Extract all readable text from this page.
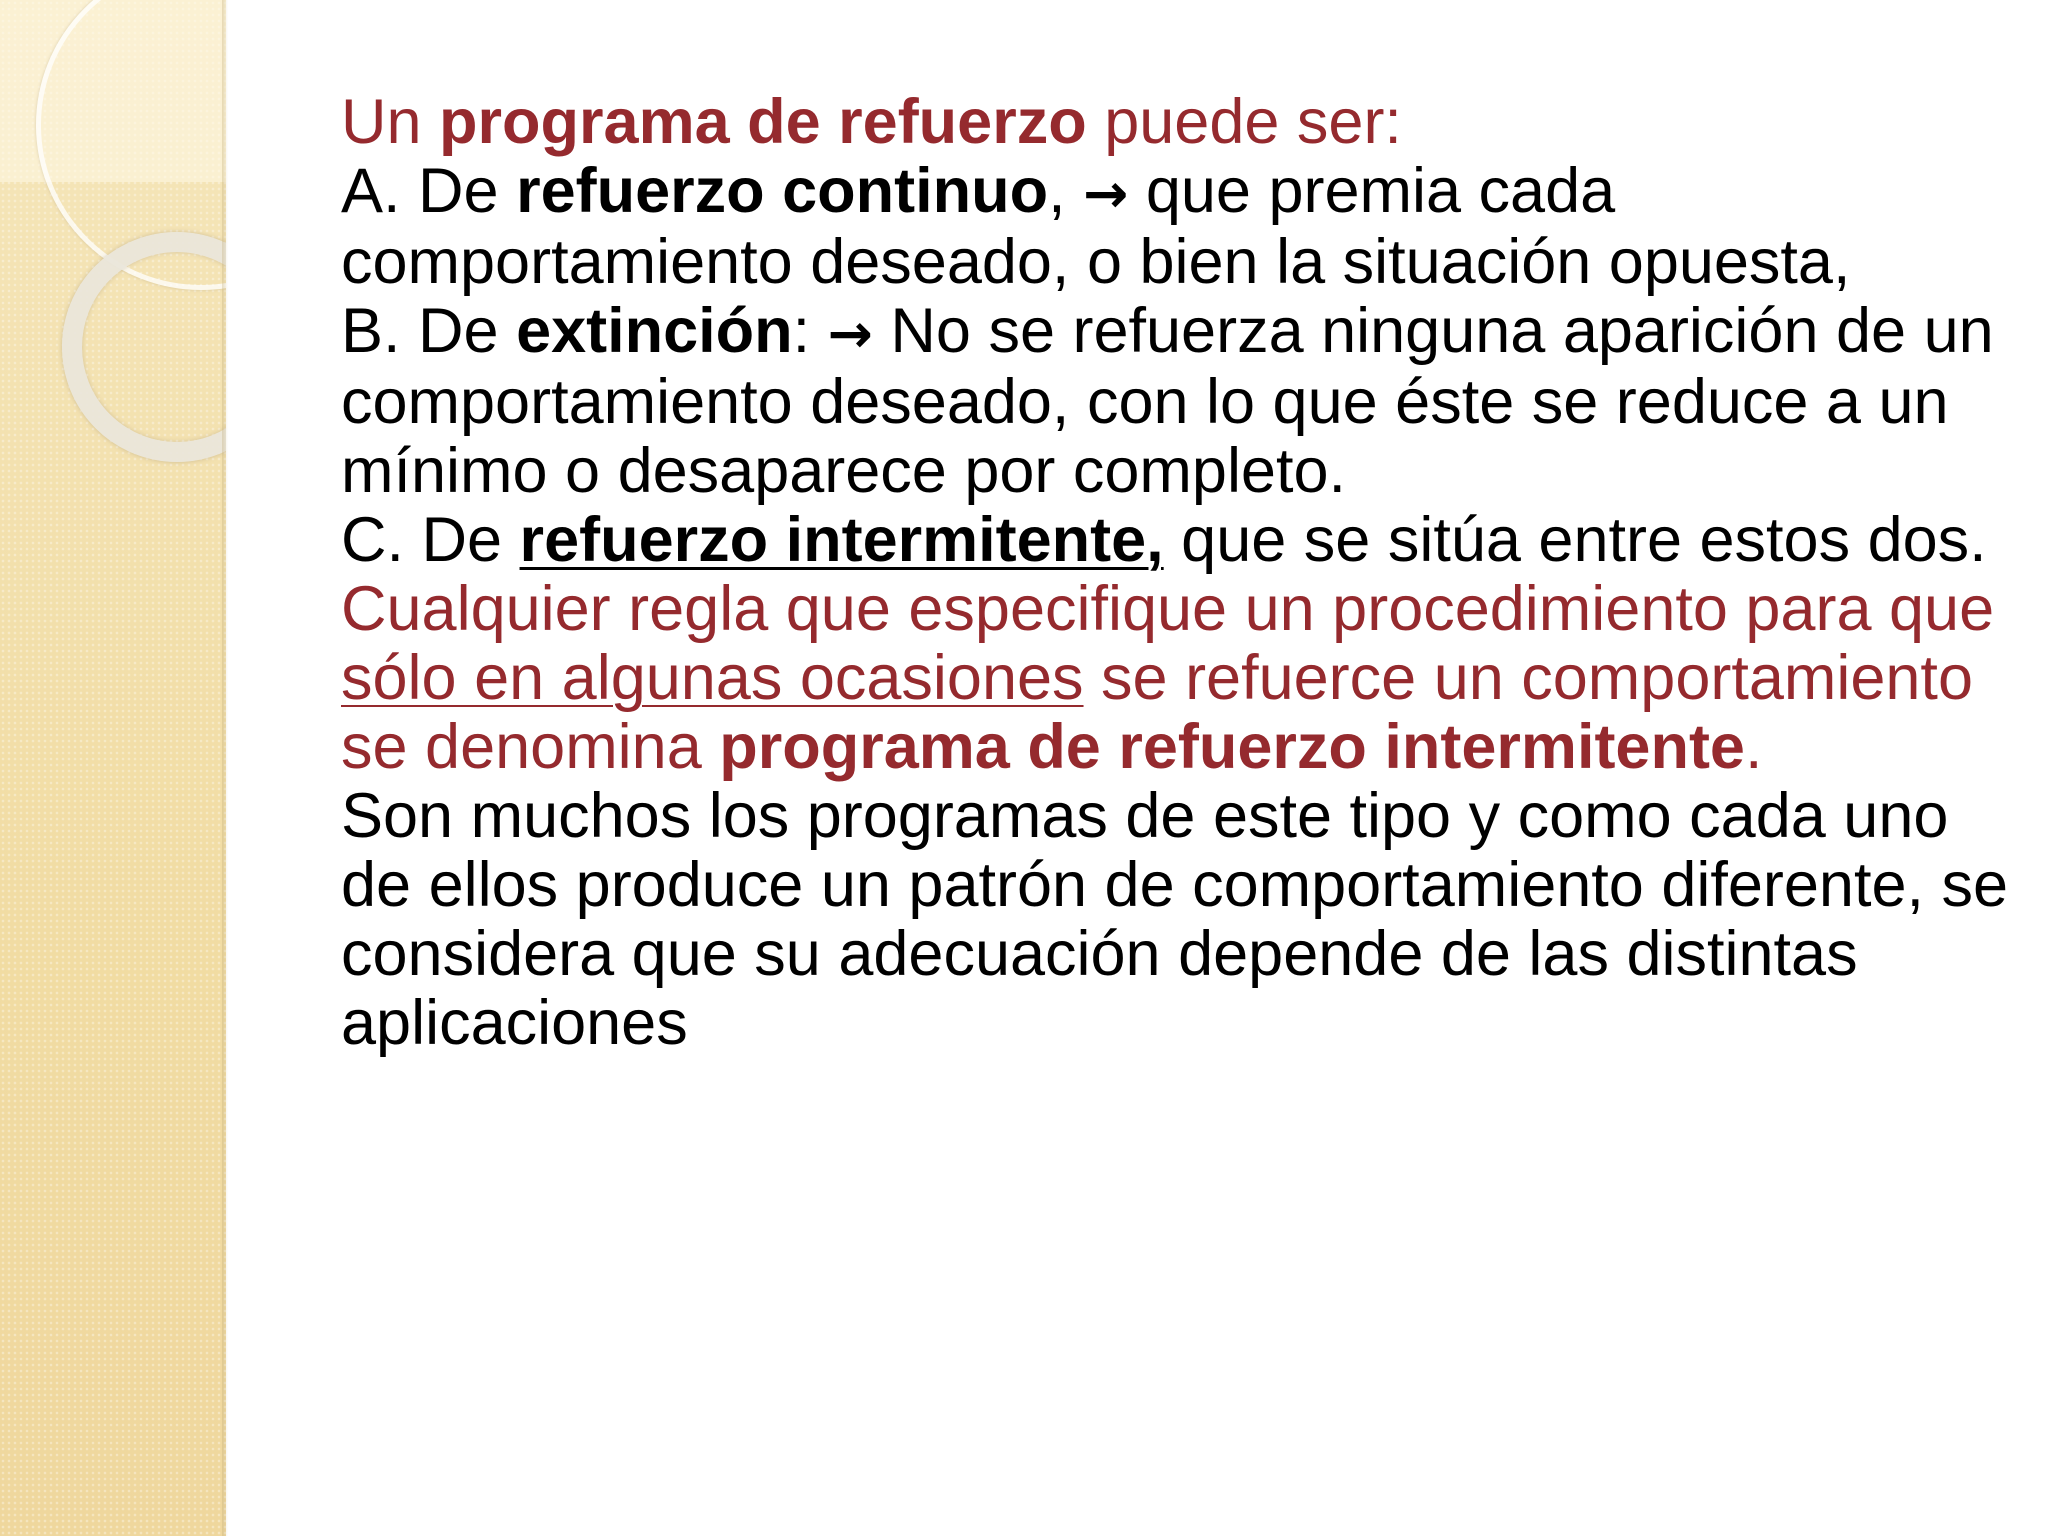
Un programa de refuerzo puede ser:

A. De refuerzo continuo, → que premia cada comportamiento deseado, o bien la situación opuesta,

B. De extinción: → No se refuerza ninguna aparición de un comportamiento deseado, con lo que éste se reduce a un mínimo o desaparece por completo.

C. De refuerzo intermitente, que se sitúa entre estos dos.

Cualquier regla que especifique un procedimiento para que sólo en algunas ocasiones se refuerce un comportamiento se denomina programa de refuerzo intermitente.

Son muchos los programas de este tipo y como cada uno de ellos produce un patrón de comportamiento diferente, se considera que su adecuación depende de las distintas aplicaciones
